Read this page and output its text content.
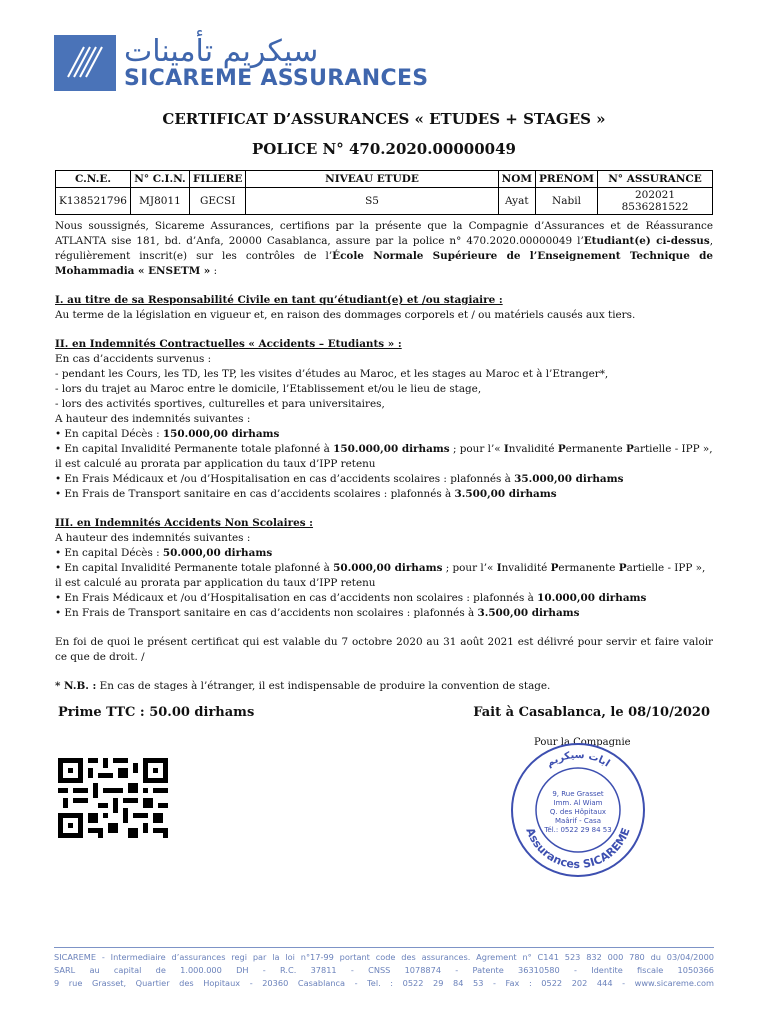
سيكريم تأمينات
SICAREME ASSURANCES
CERTIFICAT D’ASSURANCES « ETUDES + STAGES »
POLICE N° 470.2020.00000049
C.N.E.	N° C.I.N.	FILIERE	NIVEAU ETUDE	NOM	PRENOM	N° ASSURANCE
K138521796	MJ8011	GECSI	S5	Ayat	Nabil	202021 8536281522

Nous soussignés, Sicareme Assurances, certifions par la présente que la Compagnie d’Assurances et de Réassurance ATLANTA sise 181, bd. d’Anfa, 20000 Casablanca, assure par la police n° 470.2020.00000049 l’Etudiant(e) ci-dessus, régulièrement inscrit(e) sur les contrôles de l’École Normale Supérieure de l’Enseignement Technique de Mohammadia « ENSETM » :

I. au titre de sa Responsabilité Civile en tant qu’étudiant(e) et /ou stagiaire :

Au terme de la législation en vigueur et, en raison des dommages corporels et / ou matériels causés aux tiers.

II. en Indemnités Contractuelles « Accidents – Etudiants » :

En cas d’accidents survenus :

- pendant les Cours, les TD, les TP, les visites d’études au Maroc, et les stages au Maroc et à l’Etranger*,

- lors du trajet au Maroc entre le domicile, l’Etablissement et/ou le lieu de stage,

- lors des activités sportives, culturelles et para universitaires,

A hauteur des indemnités suivantes :

• En capital Décès : 150.000,00 dirhams

• En capital Invalidité Permanente totale plafonné à 150.000,00 dirhams ; pour l’« Invalidité Permanente Partielle - IPP », il est calculé au prorata par application du taux d’IPP retenu

• En Frais Médicaux et /ou d’Hospitalisation en cas d’accidents scolaires : plafonnés à 35.000,00 dirhams

• En Frais de Transport sanitaire en cas d’accidents scolaires : plafonnés à 3.500,00 dirhams

III. en Indemnités Accidents Non Scolaires :

A hauteur des indemnités suivantes :

• En capital Décès : 50.000,00 dirhams

• En capital Invalidité Permanente totale plafonné à 50.000,00 dirhams ; pour l’« Invalidité Permanente Partielle - IPP », il est calculé au prorata par application du taux d’IPP retenu

• En Frais Médicaux et /ou d’Hospitalisation en cas d’accidents non scolaires : plafonnés à 10.000,00 dirhams

• En Frais de Transport sanitaire en cas d’accidents non scolaires : plafonnés à 3.500,00 dirhams

En foi de quoi le présent certificat qui est valable du 7 octobre 2020 au 31 août 2021 est délivré pour servir et faire valoir ce que de droit. /

* N.B. : En cas de stages à l’étranger, il est indispensable de produire la convention de stage.

Prime TTC : 50.00 dirhams	Fait à Casablanca, le 08/10/2020
Pour la Compagnie
ابات سيكريم
Assurances SICAREME
9, Rue Grasset
Imm. Al Wiam
Q. des Hôpitaux
Maârif - Casa
Tél.: 0522 29 84 53
SICAREME - Intermediaire d’assurances regi par la loi n°17-99 portant code des assurances. Agrement n° C141 523 832 000 780 du 03/04/2000
SARL au capital de 1.000.000 DH - R.C. 37811 - CNSS 1078874 - Patente 36310580 - Identite fiscale 1050366
9 rue Grasset, Quartier des Hopitaux - 20360 Casablanca - Tel. : 0522 29 84 53 - Fax : 0522 202 444 - www.sicareme.com
